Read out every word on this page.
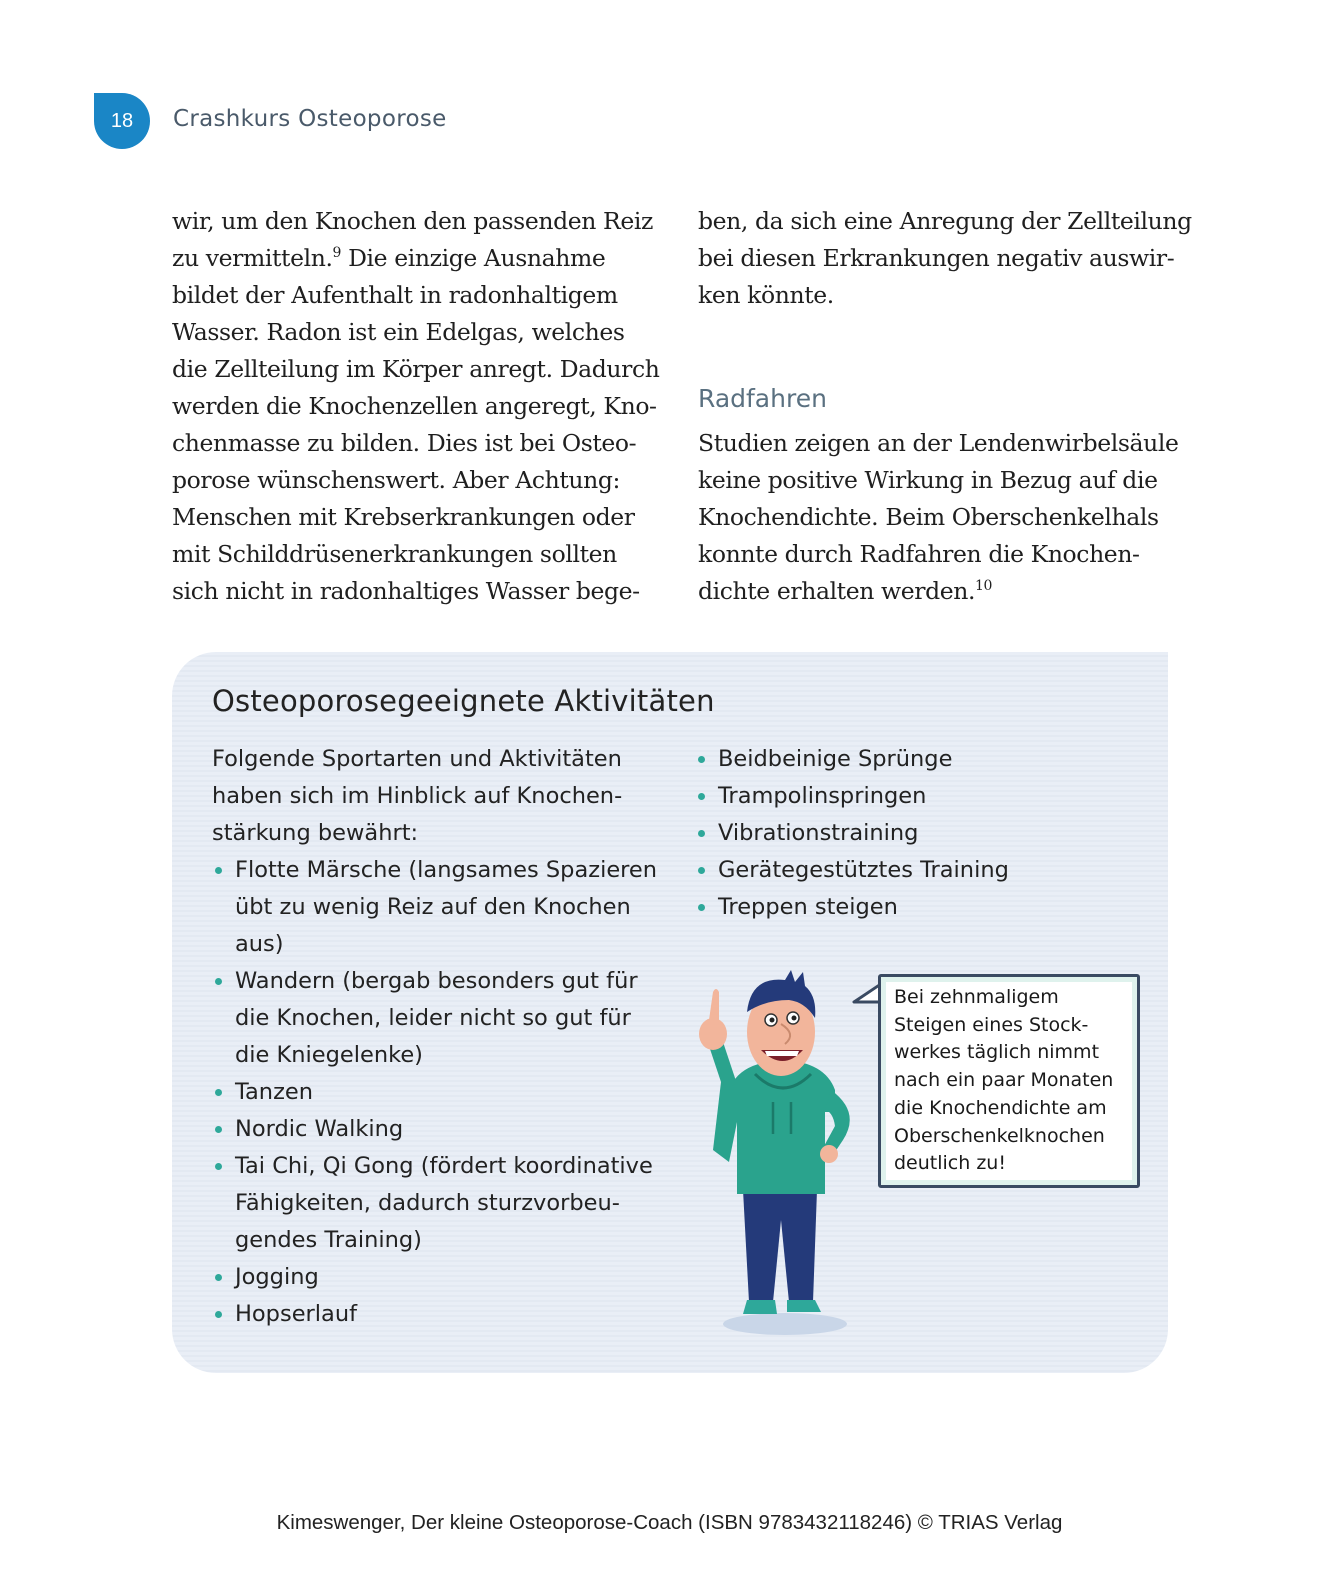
18	Crashkurs Osteoporose
wir, um den Knochen den passenden Reiz
zu vermitteln.$^9$ Die einzige Ausnahme
bildet der Aufenthalt in radonhaltigem
Wasser. Radon ist ein Edelgas, welches
die Zellteilung im Körper anregt. Dadurch
werden die Knochenzellen angeregt, Kno-
chenmasse zu bilden. Dies ist bei Osteo-
porose wünschenswert. Aber Achtung:
Menschen mit Krebserkrankungen oder
mit Schilddrüsenerkrankungen sollten
sich nicht in radonhaltiges Wasser bege-
ben, da sich eine Anregung der Zellteilung
bei diesen Erkrankungen negativ auswir-
ken könnte.
Radfahren
Studien zeigen an der Lendenwirbelsäule
keine positive Wirkung in Bezug auf die
Knochendichte. Beim Oberschenkelhals
konnte durch Radfahren die Knochen-
dichte erhalten werden.$^{10}$
Osteoporosegeeignete Aktivitäten
Folgende Sportarten und Aktivitäten
haben sich im Hinblick auf Knochen-
stärkung bewährt:
Flotte Märsche (langsames Spazieren
übt zu wenig Reiz auf den Knochen
aus)
Wandern (bergab besonders gut für
die Knochen, leider nicht so gut für
die Kniegelenke)
Tanzen
Nordic Walking
Tai Chi, Qi Gong (fördert koordinative
Fähigkeiten, dadurch sturzvorbeu-
gendes Training)
Jogging
Hopserlauf
Beidbeinige Sprünge
Trampolinspringen
Vibrationstraining
Gerätegestütztes Training
Treppen steigen
Bei zehnmaligem
Steigen eines Stock-
werkes täglich nimmt
nach ein paar Monaten
die Knochendichte am
Oberschenkelknochen
deutlich zu!
Kimeswenger, Der kleine Osteoporose-Coach (ISBN 9783432118246) © TRIAS Verlag
